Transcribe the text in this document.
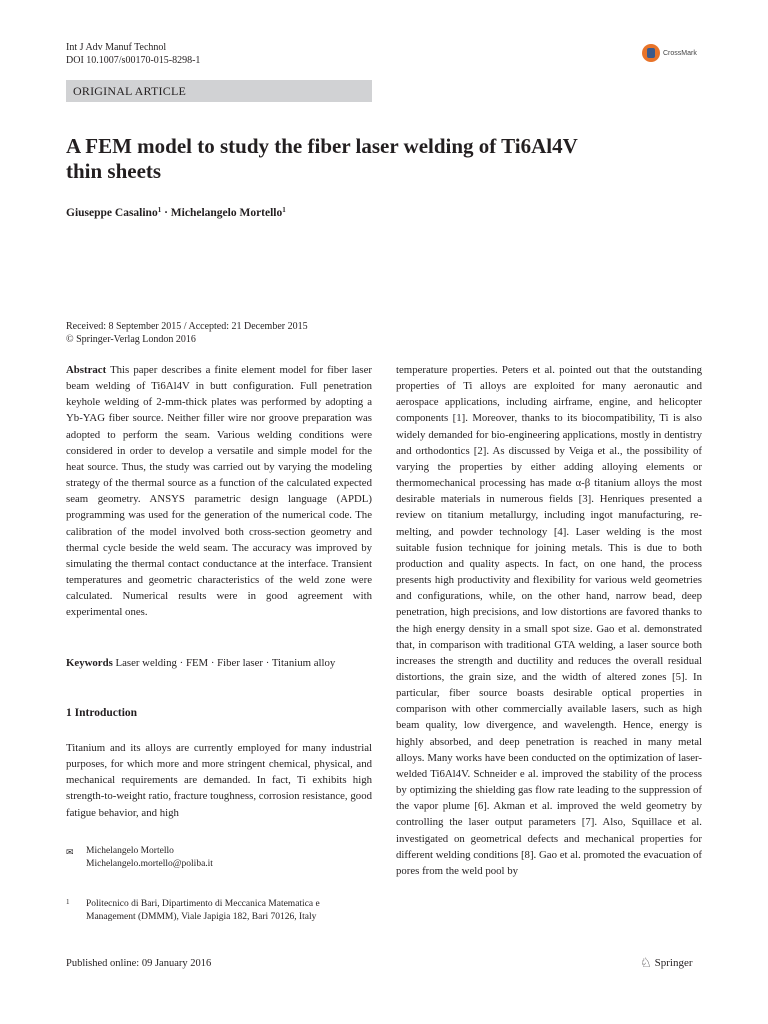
Int J Adv Manuf Technol
DOI 10.1007/s00170-015-8298-1
CrossMark
ORIGINAL ARTICLE
A FEM model to study the fiber laser welding of Ti6Al4V
thin sheets
Giuseppe Casalino$^1$ · Michelangelo Mortello$^1$
Received: 8 September 2015 / Accepted: 21 December 2015
© Springer-Verlag London 2016
Abstract This paper describes a finite element model for fiber laser beam welding of Ti6Al4V in butt configuration. Full penetration keyhole welding of 2-mm-thick plates was performed by adopting a Yb-YAG fiber source. Neither filler wire nor groove preparation was adopted to perform the seam. Various welding conditions were considered in order to develop a versatile and simple model for the heat source. Thus, the study was carried out by varying the modeling strategy of the thermal source as a function of the calculated expected seam geometry. ANSYS parametric design language (APDL) programming was used for the generation of the numerical code. The calibration of the model involved both cross-section geometry and thermal cycle beside the weld seam. The accuracy was improved by simulating the thermal contact conductance at the interface. Transient temperatures and geometric characteristics of the weld zone were calculated. Numerical results were in good agreement with experimental ones.
Keywords Laser welding · FEM · Fiber laser · Titanium alloy
1 Introduction
Titanium and its alloys are currently employed for many industrial purposes, for which more and more stringent chemical, physical, and mechanical requirements are demanded. In fact, Ti exhibits high strength-to-weight ratio, fracture toughness, corrosion resistance, good fatigue behavior, and high
temperature properties. Peters et al. pointed out that the outstanding properties of Ti alloys are exploited for many aeronautic and aerospace applications, including airframe, engine, and helicopter components [1]. Moreover, thanks to its biocompatibility, Ti is also widely demanded for bio-engineering applications, mostly in dentistry and orthodontics [2]. As discussed by Veiga et al., the possibility of varying the properties by either adding alloying elements or thermomechanical processing has made α-β titanium alloys the most desirable materials in numerous fields [3]. Henriques presented a review on titanium metallurgy, including ingot manufacturing, re-melting, and powder technology [4]. Laser welding is the most suitable fusion technique for joining metals. This is due to both production and quality aspects. In fact, on one hand, the process presents high productivity and flexibility for various weld geometries and configurations, while, on the other hand, narrow bead, deep penetration, high precisions, and low distortions are favored thanks to the high energy density in a small spot size. Gao et al. demonstrated that, in comparison with traditional GTA welding, a laser source both increases the strength and ductility and reduces the overall residual distortions, the grain size, and the width of altered zones [5]. In particular, fiber source boasts desirable optical properties in comparison with other commercially available lasers, such as high beam quality, low divergence, and wavelength. Hence, energy is highly absorbed, and deep penetration is reached in many metal alloys. Many works have been conducted on the optimization of laser-welded Ti6Al4V. Schneider e al. improved the stability of the process by optimizing the shielding gas flow rate leading to the suppression of the vapor plume [6]. Akman et al. improved the weld geometry by controlling the laser output parameters [7]. Also, Squillace et al. investigated on geometrical defects and mechanical properties for different welding conditions [8]. Gao et al. promoted the evacuation of pores from the weld pool by
✉ Michelangelo Mortello
Michelangelo.mortello@poliba.it
1 Politecnico di Bari, Dipartimento di Meccanica Matematica e
Management (DMMM), Viale Japigia 182, Bari 70126, Italy
Published online: 09 January 2016	♘ Springer
